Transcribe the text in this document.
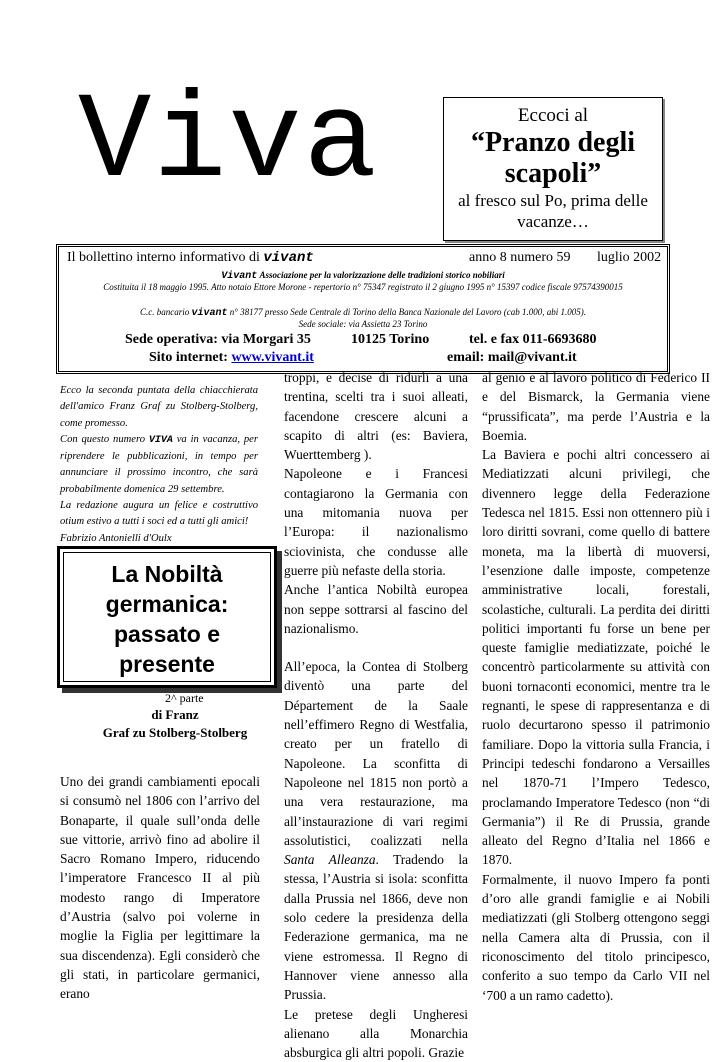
Viva	Eccoci al
“Pranzo degli scapoli”
al fresco sul Po, prima delle vacanze…
Il bollettino interno informativo di vivant	anno 8 numero 59 luglio 2002
Vivant Associazione per la valorizzazione delle tradizioni storico nobiliari
Costituita il 18 maggio 1995. Atto notaio Ettore Morone - repertorio n° 75347 registrato il 2 giugno 1995 n° 15397 codice fiscale 97574390015
C.c. bancario vivant n° 38177 presso Sede Centrale di Torino della Banca Nazionale del Lavoro (cab 1.000, abi 1.005).
Sede sociale: via Assietta 23 Torino
Sede operativa: via Morgari 35	10125 Torino	tel. e fax 011-6693680
Sito internet: www.vivant.it	email: mail@vivant.it

Ecco la seconda puntata della chiacchierata dell'amico Franz Graf zu Stolberg-Stolberg, come promesso.

Con questo numero VIVA va in vacanza, per riprendere le pubblicazioni, in tempo per annunciare il prossimo incontro, che sarà probabilmente domenica 29 settembre.

La redazione augura un felice e costruttivo otium estivo a tutti i soci ed a tutti gli amici!

Fabrizio Antonielli d'Oulx

La Nobiltà germanica: passato e presente
2^ parte
di Franz
Graf zu Stolberg-Stolberg

Uno dei grandi cambiamenti epocali si consumò nel 1806 con l’arrivo del Bonaparte, il quale sull’onda delle sue vittorie, arrivò fino ad abolire il Sacro Romano Impero, riducendo l’imperatore Francesco II al più modesto rango di Imperatore d’Austria (salvo poi volerne in moglie la Figlia per legittimare la sua discendenza). Egli considerò che gli stati, in particolare germanici, erano

troppi, e decise di ridurli a una trentina, scelti tra i suoi alleati, facendone crescere alcuni a scapito di altri (es: Baviera, Wuerttemberg ).

Napoleone e i Francesi contagiarono la Germania con una mitomania nuova per l’Europa: il nazionalismo sciovinista, che condusse alle guerre più nefaste della storia.

Anche l’antica Nobiltà europea non seppe sottrarsi al fascino del nazionalismo.

All’epoca, la Contea di Stolberg diventò una parte del Département de la Saale nell’effimero Regno di Westfalia, creato per un fratello di Napoleone. La sconfitta di Napoleone nel 1815 non portò a una vera restaurazione, ma all’instaurazione di vari regimi assolutistici, coalizzati nella Santa Alleanza. Tradendo la stessa, l’Austria si isola: sconfitta dalla Prussia nel 1866, deve non solo cedere la presidenza della Federazione germanica, ma ne viene estromessa. Il Regno di Hannover viene annesso alla Prussia.

Le pretese degli Ungheresi alienano alla Monarchia absburgica gli altri popoli. Grazie

al genio e al lavoro politico di Federico II e del Bismarck, la Germania viene “prussificata”, ma perde l’Austria e la Boemia.

La Baviera e pochi altri concessero ai Mediatizzati alcuni privilegi, che divennero legge della Federazione Tedesca nel 1815. Essi non ottennero più i loro diritti sovrani, come quello di battere moneta, ma la libertà di muoversi, l’esenzione dalle imposte, competenze amministrative locali, forestali, scolastiche, culturali. La perdita dei diritti politici importanti fu forse un bene per queste famiglie mediatizzate, poiché le concentrò particolarmente su attività con buoni tornaconti economici, mentre tra le regnanti, le spese di rappresentanza e di ruolo decurtarono spesso il patrimonio familiare. Dopo la vittoria sulla Francia, i Principi tedeschi fondarono a Versailles nel 1870-71 l’Impero Tedesco, proclamando Imperatore Tedesco (non “di Germania”) il Re di Prussia, grande alleato del Regno d’Italia nel 1866 e 1870.

Formalmente, il nuovo Impero fa ponti d’oro alle grandi famiglie e ai Nobili mediatizzati (gli Stolberg ottengono seggi nella Camera alta di Prussia, con il riconoscimento del titolo principesco, conferito a suo tempo da Carlo VII nel ‘700 a un ramo cadetto).
